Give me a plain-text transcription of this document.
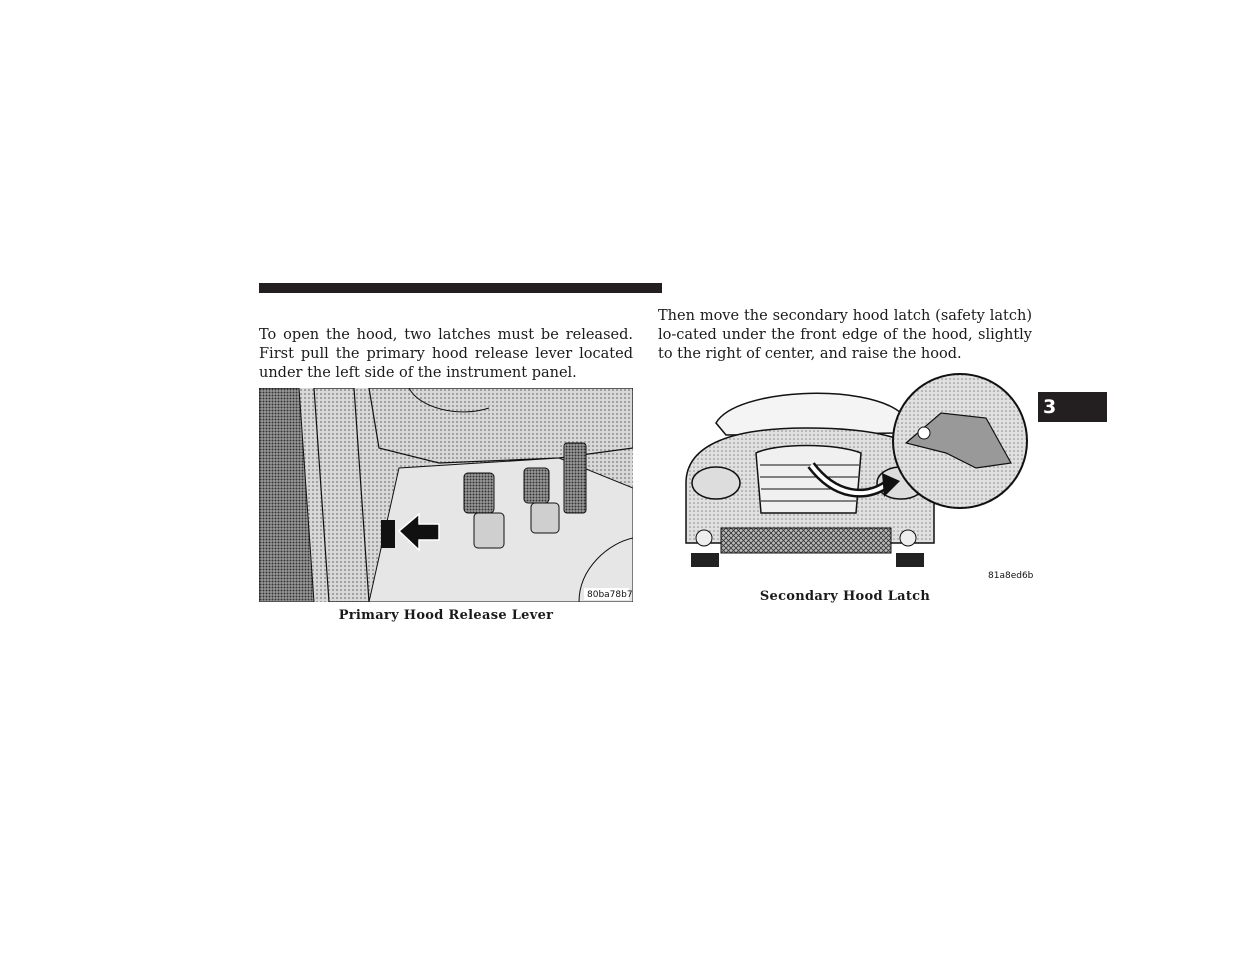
To open the hood, two latches must be released. First pull the primary hood release lever located under the left side of the instrument panel.

80ba78b7
Primary Hood Release Lever

Then move the secondary hood latch (safety latch) lo-cated under the front edge of the hood, slightly to the right of center, and raise the hood.

81a8ed6b
Secondary Hood Latch
3
